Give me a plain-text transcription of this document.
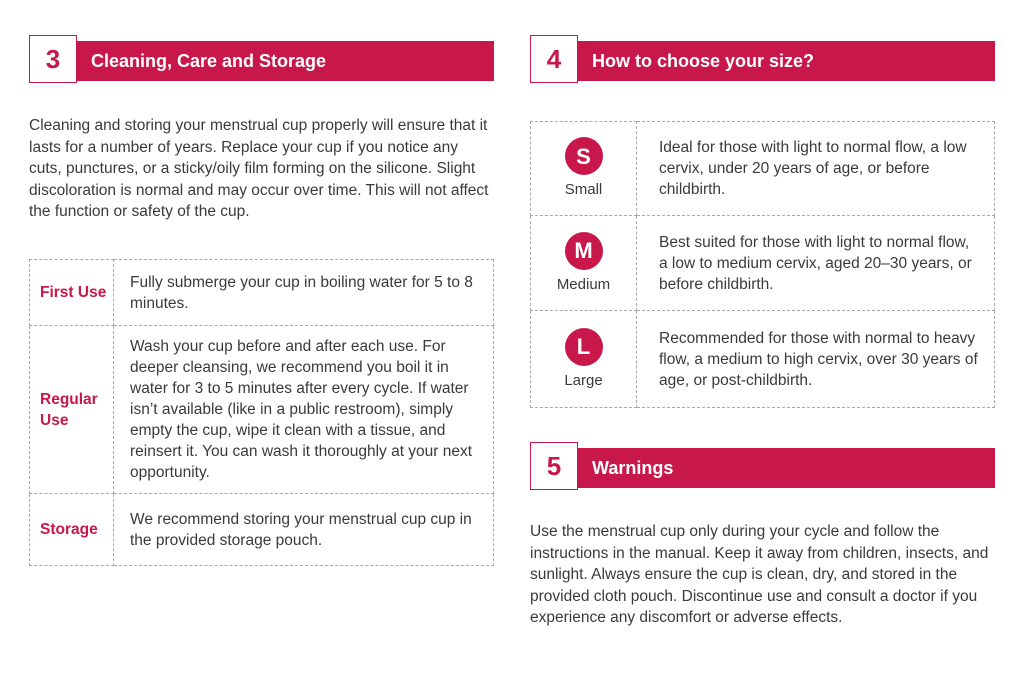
3	Cleaning, Care and Storage

Cleaning and storing your menstrual cup properly will ensure that it lasts for a number of years. Replace your cup if you notice any cuts, punctures, or a sticky/oily film forming on the silicone. Slight discoloration is normal and may occur over time. This will not affect the function or safety of the cup.

First Use	Fully submerge your cup in boiling water for 5 to 8 minutes.
Regular Use	Wash your cup before and after each use. For deeper cleansing, we recommend you boil it in water for 3 to 5 minutes after every cycle. If water isn’t available (like in a public restroom), simply empty the cup, wipe it clean with a tissue, and reinsert it. You can wash it thoroughly at your next opportunity.
Storage	We recommend storing your menstrual cup cup in the provided storage pouch.
4	How to choose your size?
S
Small	Ideal for those with light to normal flow, a low cervix, under 20 years of age, or before childbirth.

M
Medium	Best suited for those with light to normal flow, a low to medium cervix, aged 20–30 years, or before childbirth.

L
Large	Recommended for those with normal to heavy flow, a medium to high cervix, over 30 years of age, or post-childbirth.
5	Warnings

Use the menstrual cup only during your cycle and follow the instructions in the manual. Keep it away from children, insects, and sunlight. Always ensure the cup is clean, dry, and stored in the provided cloth pouch. Discontinue use and consult a doctor if you experience any discomfort or adverse effects.
